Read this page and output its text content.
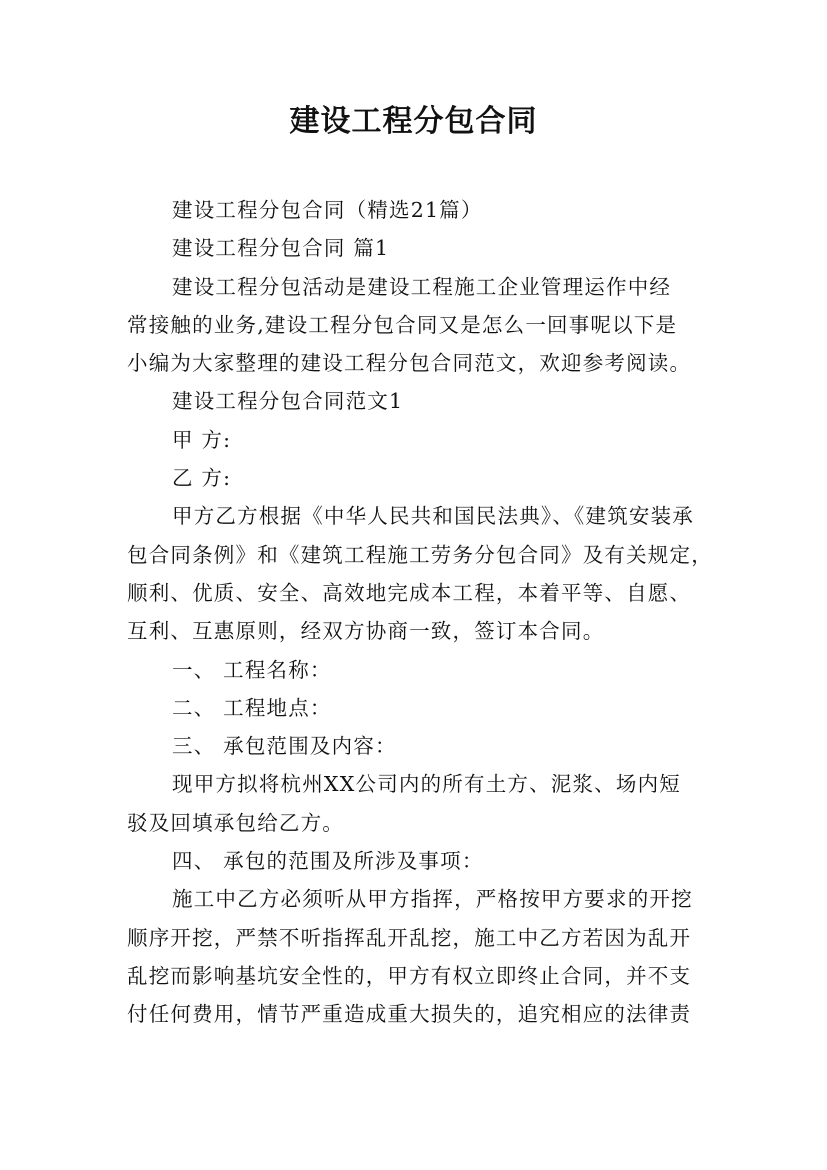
建设工程分包合同
建设工程分包合同（精选21篇）
建设工程分包合同 篇1
建设工程分包活动是建设工程施工企业管理运作中经
常接触的业务,建设工程分包合同又是怎么一回事呢以下是
小编为大家整理的建设工程分包合同范文，欢迎参考阅读。
建设工程分包合同范文1
甲 方:
乙 方:
甲方乙方根据《中华人民共和国民法典》、《建筑安装承
包合同条例》和《建筑工程施工劳务分包合同》及有关规定，
顺利、优质、安全、高效地完成本工程，本着平等、自愿、
互利、互惠原则，经双方协商一致，签订本合同。
一、 工程名称：
二、 工程地点：
三、 承包范围及内容：
现甲方拟将杭州XX公司内的所有土方、泥浆、场内短
驳及回填承包给乙方。
四、 承包的范围及所涉及事项：
施工中乙方必须听从甲方指挥，严格按甲方要求的开挖
顺序开挖，严禁不听指挥乱开乱挖，施工中乙方若因为乱开
乱挖而影响基坑安全性的，甲方有权立即终止合同，并不支
付任何费用，情节严重造成重大损失的，追究相应的法律责
